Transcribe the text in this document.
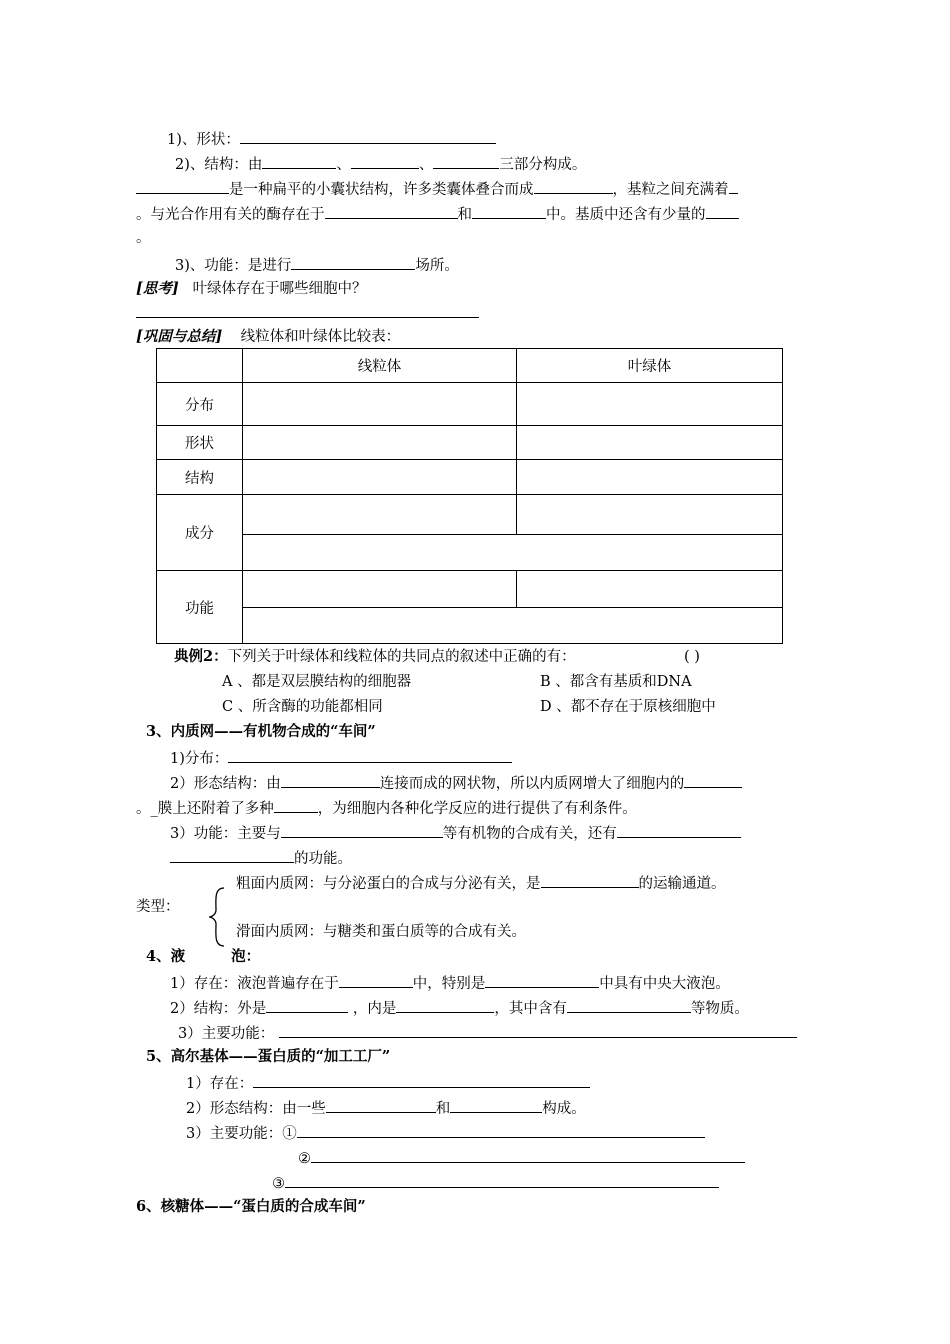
1)、形状：
2)、结构：由	、	、	三部分构成。
是一种扁平的小囊状结构，许多类囊体叠合而成	，基粒之间充满着
。与光合作用有关的酶存在于	和	中。基质中还含有少量的
。
3)、功能：是进行	场所。
[思考] 叶绿体存在于哪些细胞中？
[巩固与总结] 线粒体和叶绿体比较表：
	线粒体	叶绿体
分布		
形状		
结构		
成分		

功能		

典例2：下列关于叶绿体和线粒体的共同点的叙述中正确的有：	( )
A 、都是双层膜结构的细胞器	B 、都含有基质和DNA
C 、所含酶的功能都相同	D 、都不存在于原核细胞中
3、内质网——有机物合成的“车间”
1)分布：
2）形态结构：由	连接而成的网状物，所以内质网增大了细胞内的
。_膜上还附着了多种	，为细胞内各种化学反应的进行提供了有利条件。
3）功能：主要与	等有机物的合成有关，还有
的功能。
粗面内质网：与分泌蛋白的合成与分泌有关，是	的运输通道。
类型：
滑面内质网：与糖类和蛋白质等的合成有关。
4、液	泡：
1）存在：液泡普遍存在于	中，特别是	中具有中央大液泡。
2）结构：外是	，内是	，其中含有	等物质。
3）主要功能：
5、高尔基体——蛋白质的“加工工厂”
1）存在：
2）形态结构：由一些	和	构成。
3）主要功能：①
②
③
6、核糖体——“蛋白质的合成车间”
